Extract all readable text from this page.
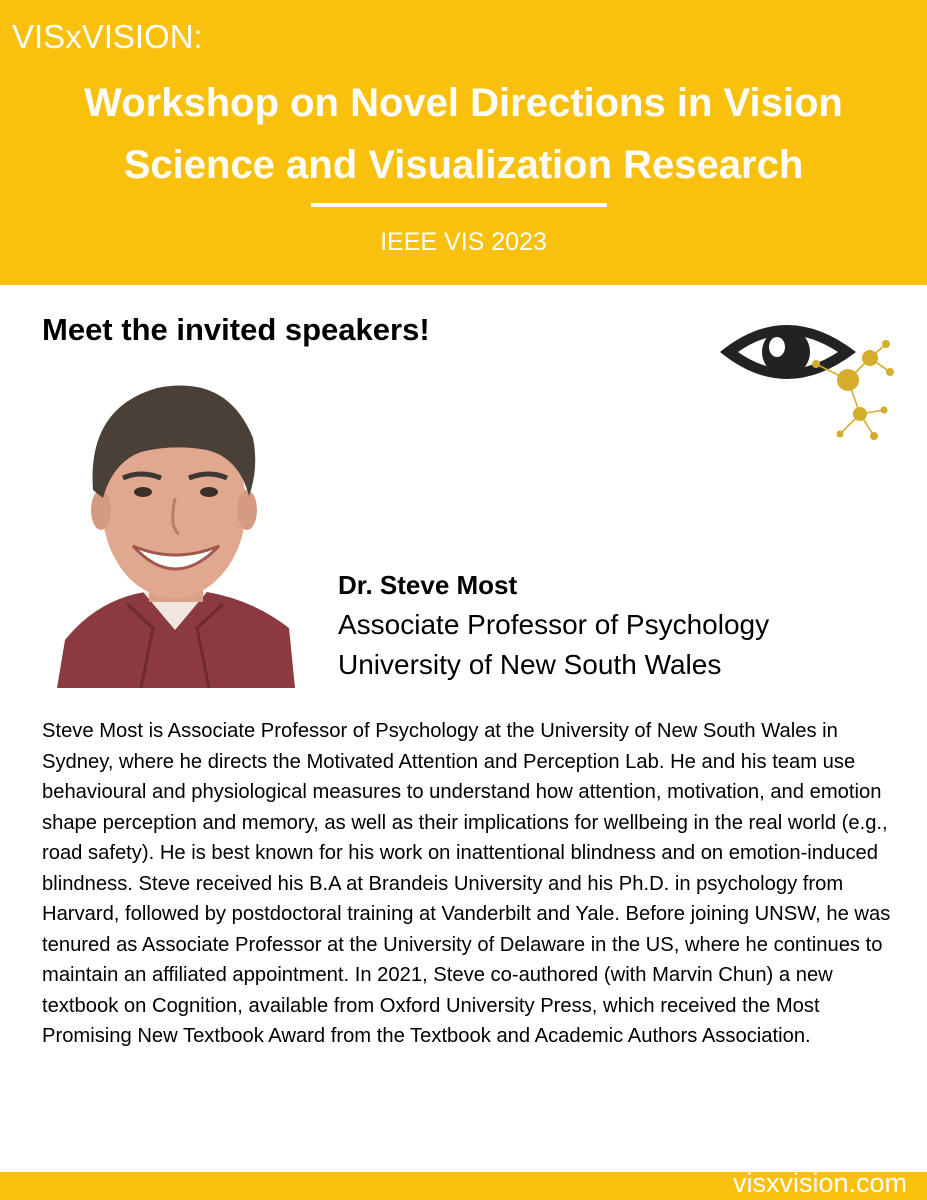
VISxVISION:
Workshop on Novel Directions in Vision
Science and Visualization Research
IEEE VIS 2023
Meet the invited speakers!
Dr. Steve Most
Associate Professor of Psychology
University of New South Wales
Steve Most is Associate Professor of Psychology at the University of New South Wales in Sydney, where he directs the Motivated Attention and Perception Lab. He and his team use behavioural and physiological measures to understand how attention, motivation, and emotion shape perception and memory, as well as their implications for wellbeing in the real world (e.g., road safety). He is best known for his work on inattentional blindness and on emotion-induced blindness. Steve received his B.A at Brandeis University and his Ph.D. in psychology from Harvard, followed by postdoctoral training at Vanderbilt and Yale. Before joining UNSW, he was tenured as Associate Professor at the University of Delaware in the US, where he continues to maintain an affiliated appointment. In 2021, Steve co-authored (with Marvin Chun) a new textbook on Cognition, available from Oxford University Press, which received the Most Promising New Textbook Award from the Textbook and Academic Authors Association.
visxvision.com
